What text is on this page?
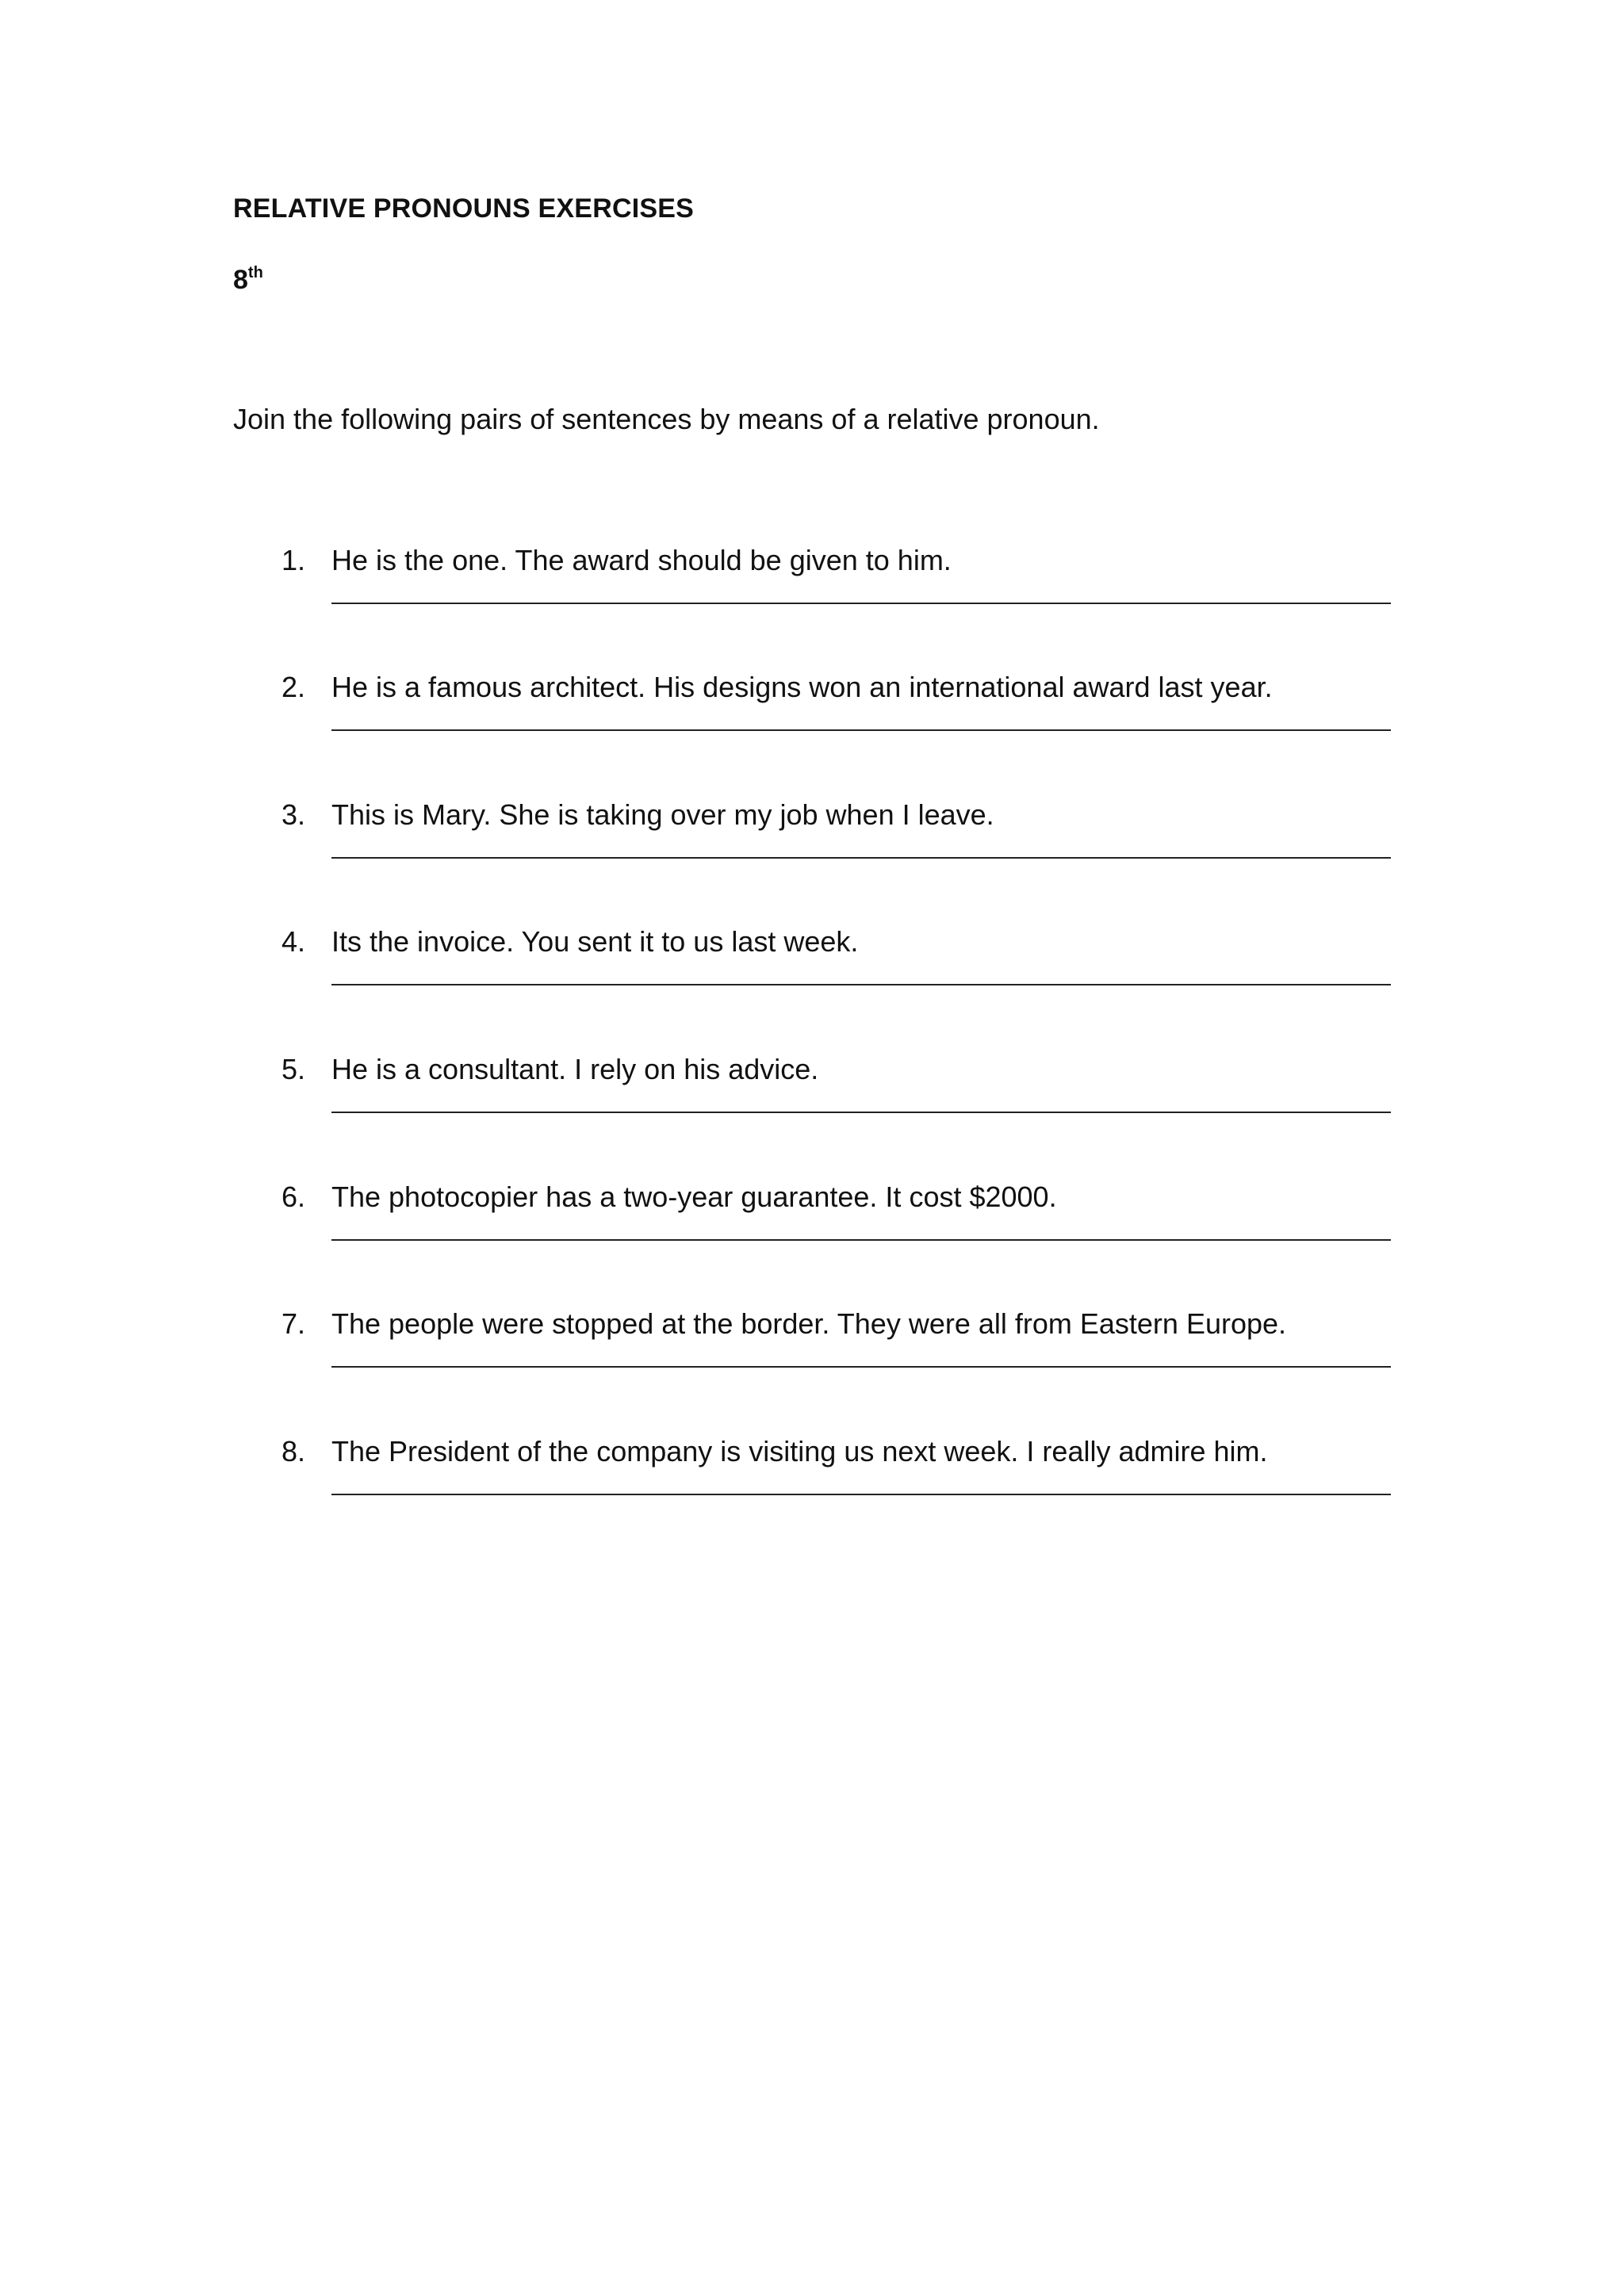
RELATIVE PRONOUNS EXERCISES
8th

Join the following pairs of sentences by means of a relative pronoun.

1. He is the one. The award should be given to him.
2. He is a famous architect. His designs won an international award last year.
3. This is Mary. She is taking over my job when I leave.
4. Its the invoice. You sent it to us last week.
5. He is a consultant. I rely on his advice.
6. The photocopier has a two-year guarantee. It cost $2000.
7. The people were stopped at the border. They were all from Eastern Europe.
8. The President of the company is visiting us next week. I really admire him.
